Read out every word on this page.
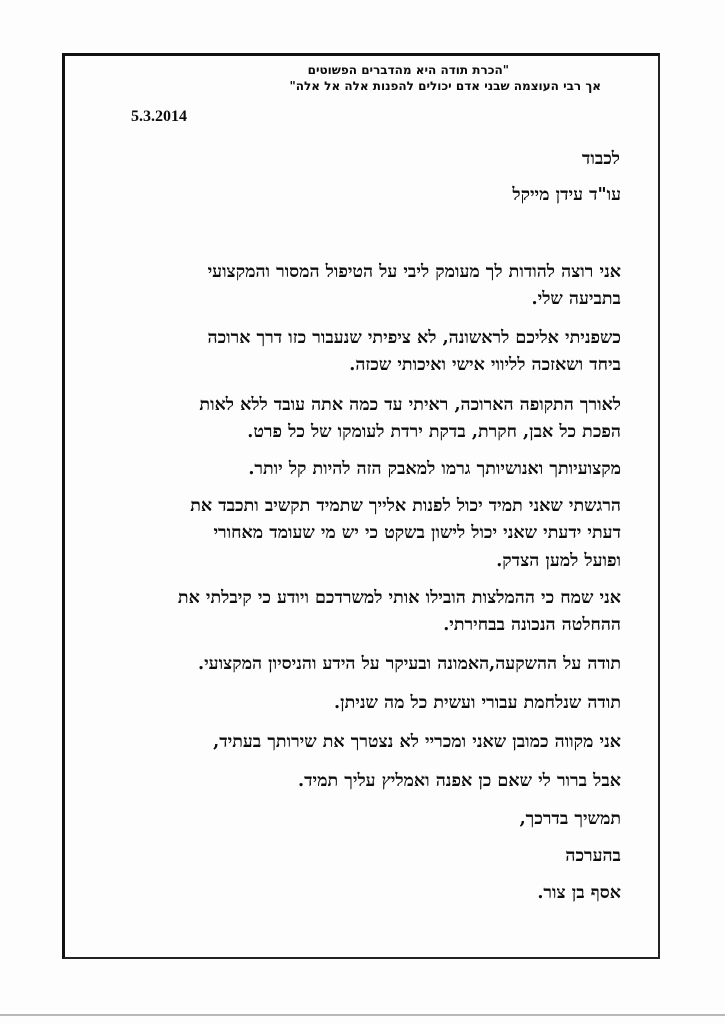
"הכרת תודה היא מהדברים הפשוטים
אך רבי העוצמה שבני אדם יכולים להפנות אלה אל אלה"
5.3.2014
לכבוד
עו"ד עידן מייקל
אני רוצה להודות לך מעומק ליבי על הטיפול המסור והמקצועי
בתביעה שלי.
כשפניתי אליכם לראשונה, לא ציפיתי שנעבור כזו דרך ארוכה
ביחד ושאזכה לליווי אישי ואיכותי שכזה.
לאורך התקופה הארוכה, ראיתי עד כמה אתה עובד ללא לאות
הפכת כל אבן, חקרת, בדקת ירדת לעומקו של כל פרט.
מקצועיותך ואנושיותך גרמו למאבק הזה להיות קל יותר.
הרגשתי שאני תמיד יכול לפנות אלייך שתמיד תקשיב ותכבד את
דעתי ידעתי שאני יכול לישון בשקט כי יש מי שעומד מאחורי
ופועל למען הצדק.
אני שמח כי ההמלצות הובילו אותי למשרדכם ויודע כי קיבלתי את
ההחלטה הנכונה בבחירתי.
תודה על ההשקעה,האמונה ובעיקר על הידע והניסיון המקצועי.
תודה שנלחמת עבורי ועשית כל מה שניתן.
אני מקווה כמובן שאני ומכריי לא נצטרך את שירותך בעתיד,
אבל ברור לי שאם כן אפנה ואמליץ עליך תמיד.
תמשיך בדרכך,
בהערכה
אסף בן צור.
